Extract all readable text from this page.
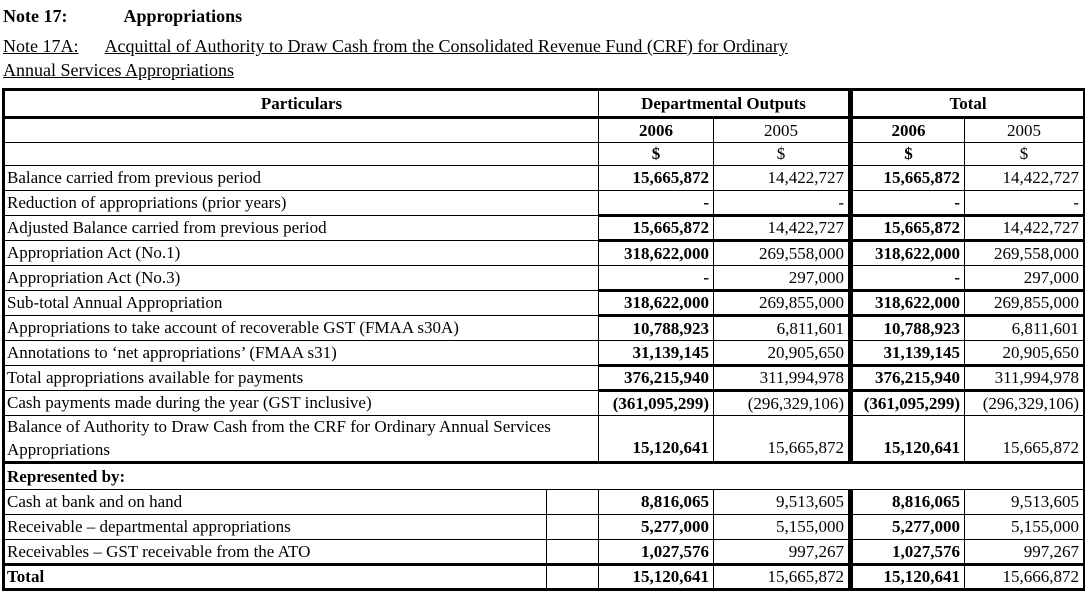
Note 17:	Appropriations
Note 17A: Acquittal of Authority to Draw Cash from the Consolidated Revenue Fund (CRF) for Ordinary
Annual Services Appropriations
Particulars		Departmental Outputs		Total	
		2006	2005	2006	2005
		$	$	$	$
Balance carried from previous period		15,665,872	14,422,727	15,665,872	14,422,727
Reduction of appropriations (prior years)		-	-	-	-
Adjusted Balance carried from previous period		15,665,872	14,422,727	15,665,872	14,422,727
Appropriation Act (No.1)		318,622,000	269,558,000	318,622,000	269,558,000
Appropriation Act (No.3)		-	297,000	-	297,000
Sub-total Annual Appropriation		318,622,000	269,855,000	318,622,000	269,855,000
Appropriations to take account of recoverable GST (FMAA s30A)		10,788,923	6,811,601	10,788,923	6,811,601
Annotations to ‘net appropriations’ (FMAA s31)		31,139,145	20,905,650	31,139,145	20,905,650
Total appropriations available for payments		376,215,940	311,994,978	376,215,940	311,994,978
Cash payments made during the year (GST inclusive)		(361,095,299)	(296,329,106)	(361,095,299)	(296,329,106)
Balance of Authority to Draw Cash from the CRF for Ordinary Annual Services Appropriations		15,120,641	15,665,872	15,120,641	15,665,872
Represented by:					
Cash at bank and on hand		8,816,065	9,513,605	8,816,065	9,513,605
Receivable – departmental appropriations		5,277,000	5,155,000	5,277,000	5,155,000
Receivables – GST receivable from the ATO		1,027,576	997,267	1,027,576	997,267
Total		15,120,641	15,665,872	15,120,641	15,666,872
